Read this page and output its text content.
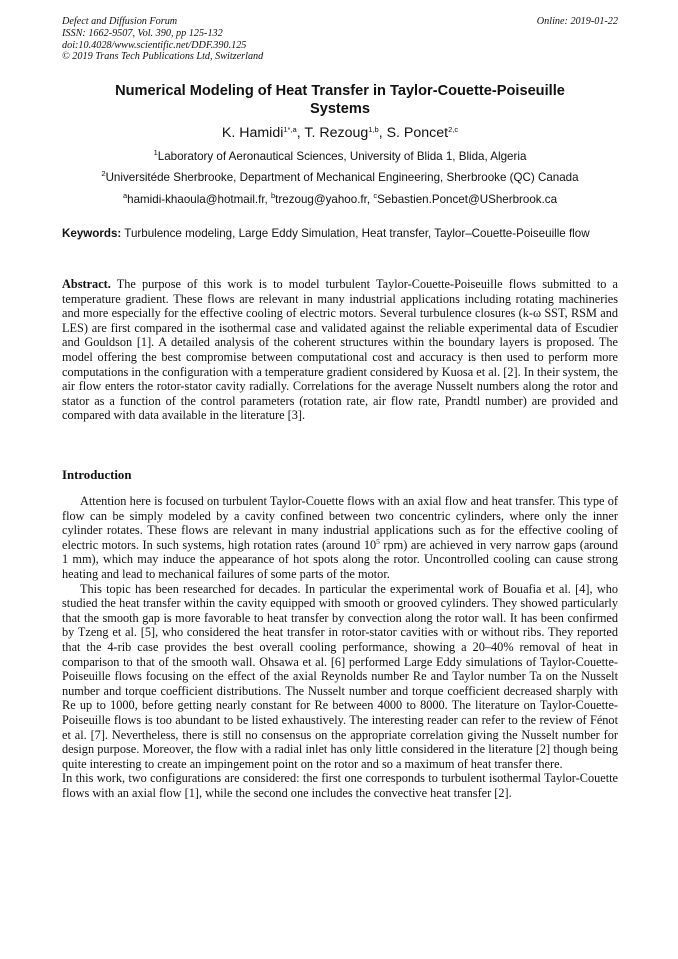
Defect and Diffusion Forum
ISSN: 1662-9507, Vol. 390, pp 125-132
doi:10.4028/www.scientific.net/DDF.390.125
© 2019 Trans Tech Publications Ltd, Switzerland
Online: 2019-01-22
Numerical Modeling of Heat Transfer in Taylor-Couette-Poiseuille
Systems
K. Hamidi$^{1*,a}$, T. Rezoug$^{1,b}$, S. Poncet$^{2,c}$
$^1$Laboratory of Aeronautical Sciences, University of Blida 1, Blida, Algeria
$^2$Universitéde Sherbrooke, Department of Mechanical Engineering, Sherbrooke (QC) Canada
$^a$hamidi-khaoula@hotmail.fr, $^b$trezoug@yahoo.fr, $^c$Sebastien.Poncet@USherbrook.ca
Keywords: Turbulence modeling, Large Eddy Simulation, Heat transfer, Taylor–Couette-Poiseuille flow
Abstract. The purpose of this work is to model turbulent Taylor-Couette-Poiseuille flows submitted to a temperature gradient. These flows are relevant in many industrial applications including rotating machineries and more especially for the effective cooling of electric motors. Several turbulence closures (k-ω SST, RSM and LES) are first compared in the isothermal case and validated against the reliable experimental data of Escudier and Gouldson [1]. A detailed analysis of the coherent structures within the boundary layers is proposed. The model offering the best compromise between computational cost and accuracy is then used to perform more computations in the configuration with a temperature gradient considered by Kuosa et al. [2]. In their system, the air flow enters the rotor-stator cavity radially. Correlations for the average Nusselt numbers along the rotor and stator as a function of the control parameters (rotation rate, air flow rate, Prandtl number) are provided and compared with data available in the literature [3].
Introduction

Attention here is focused on turbulent Taylor-Couette flows with an axial flow and heat transfer. This type of flow can be simply modeled by a cavity confined between two concentric cylinders, where only the inner cylinder rotates. These flows are relevant in many industrial applications such as for the effective cooling of electric motors. In such systems, high rotation rates (around $10^5$ rpm) are achieved in very narrow gaps (around 1 mm), which may induce the appearance of hot spots along the rotor. Uncontrolled cooling can cause strong heating and lead to mechanical failures of some parts of the motor.

This topic has been researched for decades. In particular the experimental work of Bouafia et al. [4], who studied the heat transfer within the cavity equipped with smooth or grooved cylinders. They showed particularly that the smooth gap is more favorable to heat transfer by convection along the rotor wall. It has been confirmed by Tzeng et al. [5], who considered the heat transfer in rotor-stator cavities with or without ribs. They reported that the 4-rib case provides the best overall cooling performance, showing a 20–40% removal of heat in comparison to that of the smooth wall. Ohsawa et al. [6] performed Large Eddy simulations of Taylor-Couette-Poiseuille flows focusing on the effect of the axial Reynolds number Re and Taylor number Ta on the Nusselt number and torque coefficient distributions. The Nusselt number and torque coefficient decreased sharply with Re up to 1000, before getting nearly constant for Re between 4000 to 8000. The literature on Taylor-Couette-Poiseuille flows is too abundant to be listed exhaustively. The interesting reader can refer to the review of Fénot et al. [7]. Nevertheless, there is still no consensus on the appropriate correlation giving the Nusselt number for design purpose. Moreover, the flow with a radial inlet has only little considered in the literature [2] though being quite interesting to create an impingement point on the rotor and so a maximum of heat transfer there.

In this work, two configurations are considered: the first one corresponds to turbulent isothermal Taylor-Couette flows with an axial flow [1], while the second one includes the convective heat transfer [2].
